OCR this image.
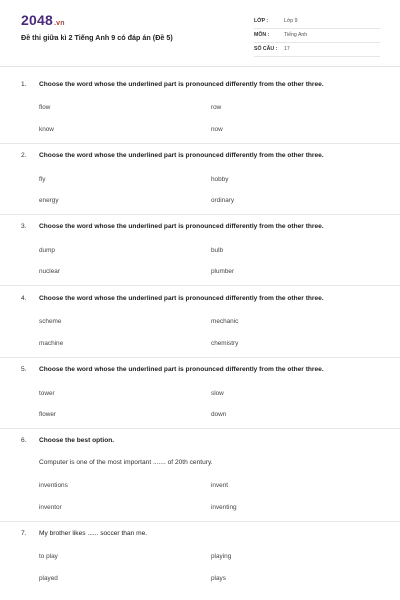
2048.vn
Đề thi giữa kì 2 Tiếng Anh 9 có đáp án (Đề 5)
LỚP :	Lớp 9
MÔN :	Tiếng Anh
SỐ CÂU : 17
1. Choose the word whose the underlined part is pronounced differently from the other three.
flow	row
know	now
2. Choose the word whose the underlined part is pronounced differently from the other three.
fly	hobby
energy	ordinary
3. Choose the word whose the underlined part is pronounced differently from the other three.
dump	bulb
nuclear	plumber
4. Choose the word whose the underlined part is pronounced differently from the other three.
scheme	mechanic
machine	chemistry
5. Choose the word whose the underlined part is pronounced differently from the other three.
tower	slow
flower	down
6. Choose the best option.
Computer is one of the most important ....... of 20th century.
inventions	invent
inventor	inventing
7. My brother likes ...... soccer than me.
to play	playing
played	plays
